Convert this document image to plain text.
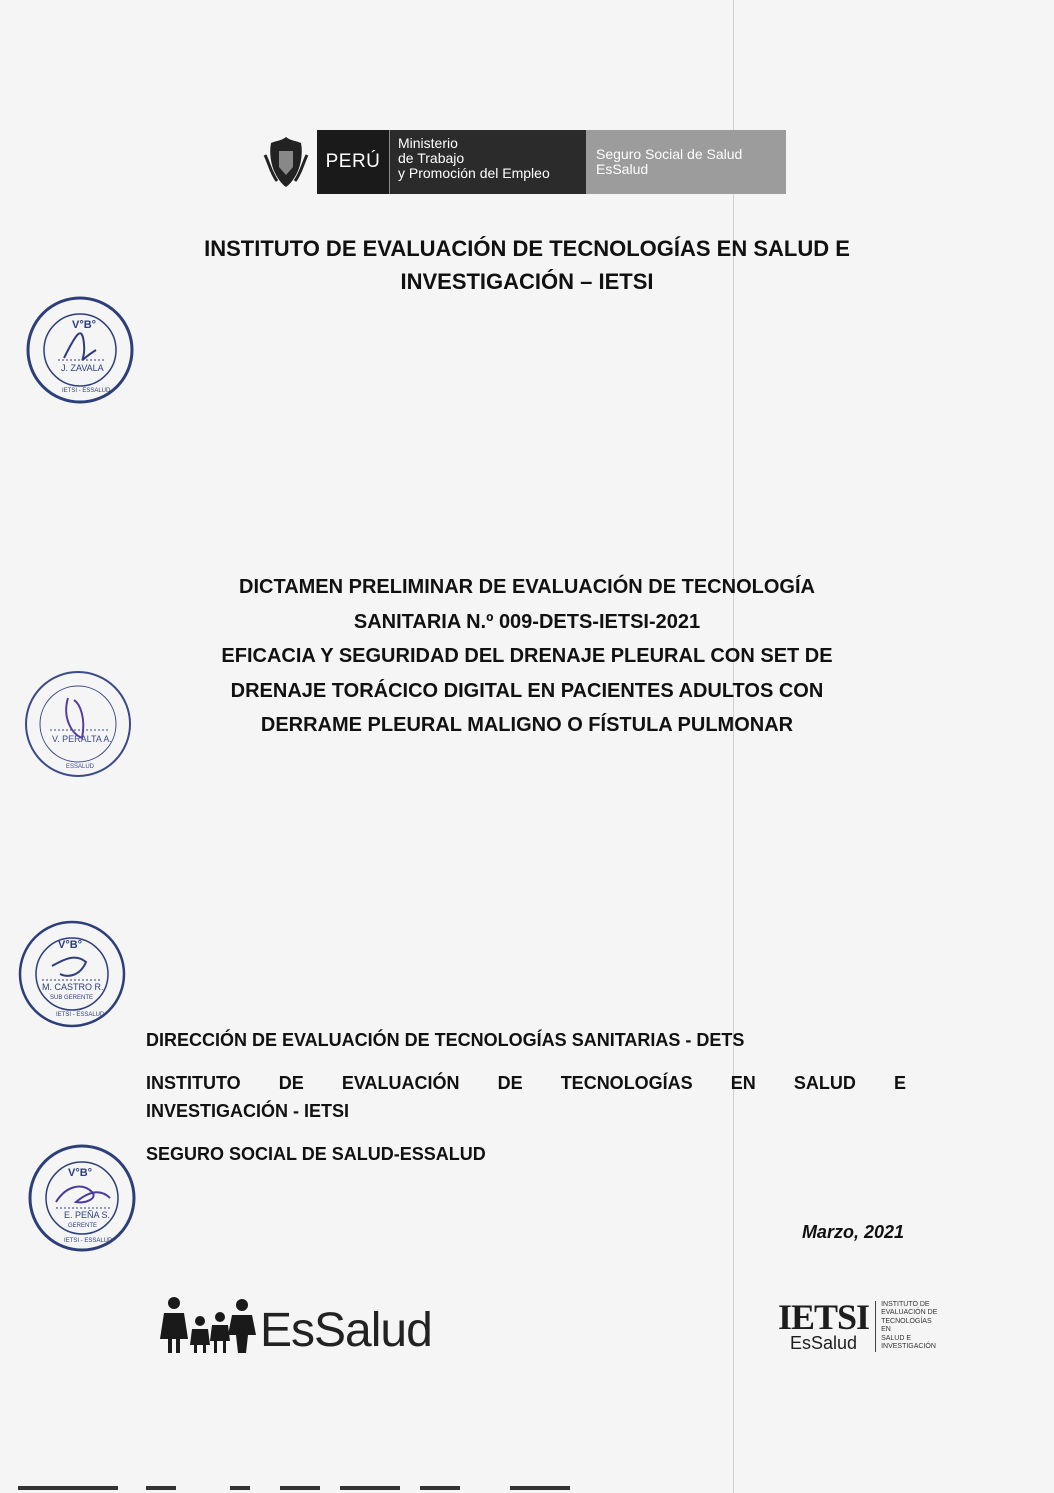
PERÚ
Ministerio
de Trabajo
y Promoción del Empleo
Seguro Social de Salud
EsSalud
INSTITUTO DE EVALUACIÓN DE TECNOLOGÍAS EN SALUD E
INVESTIGACIÓN – IETSI
V°B°
J. ZAVALA
IETSI - ESSALUD
DICTAMEN PRELIMINAR DE EVALUACIÓN DE TECNOLOGÍA
SANITARIA N.º 009-DETS-IETSI-2021
EFICACIA Y SEGURIDAD DEL DRENAJE PLEURAL CON SET DE
DRENAJE TORÁCICO DIGITAL EN PACIENTES ADULTOS CON
DERRAME PLEURAL MALIGNO O FÍSTULA PULMONAR
V. PERALTA A.
ESSALUD
V°B°
M. CASTRO R.
SUB GERENTE
IETSI - ESSALUD
DIRECCIÓN DE EVALUACIÓN DE TECNOLOGÍAS SANITARIAS - DETS
INSTITUTO DE EVALUACIÓN DE TECNOLOGÍAS EN SALUD E
INVESTIGACIÓN - IETSI
SEGURO SOCIAL DE SALUD-ESSALUD
V°B°
E. PEÑA S.
GERENTE
IETSI - ESSALUD	Marzo, 2021
EsSalud	IETSI
EsSalud
INSTITUTO DE
EVALUACIÓN DE
TECNOLOGÍAS EN
SALUD E
INVESTIGACIÓN
